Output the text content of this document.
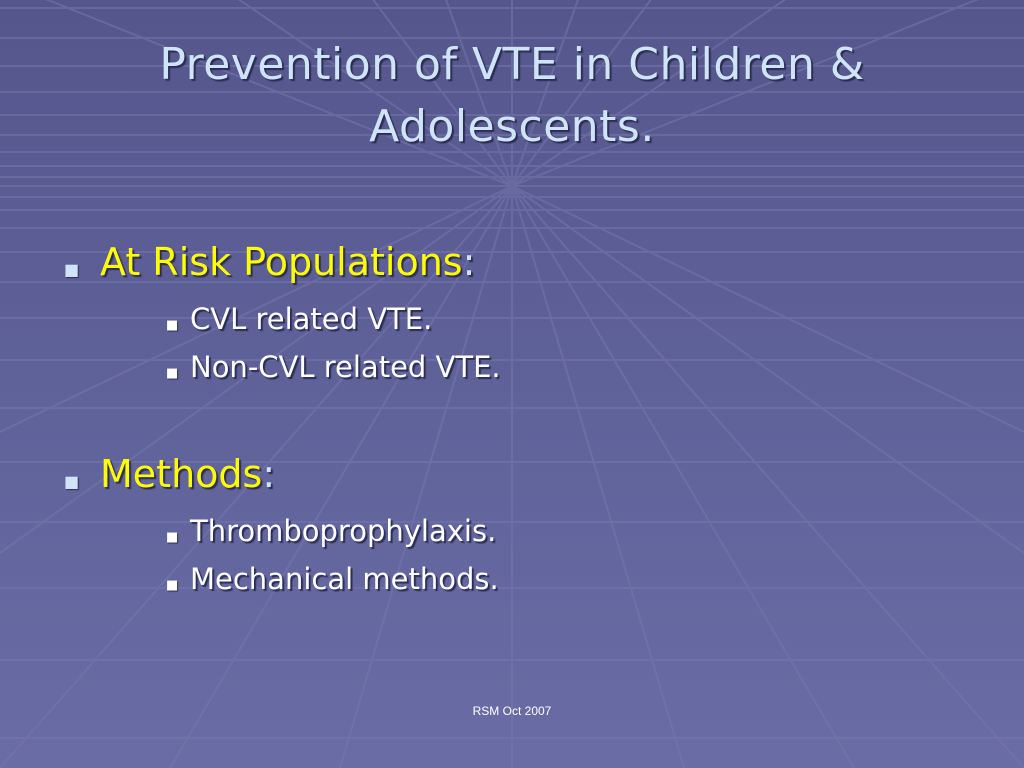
Prevention of VTE in Children & Adolescents.
■ At Risk Populations :
■ CVL related VTE.
■ Non-CVL related VTE.
■ Methods :
■ Thromboprophylaxis.
■ Mechanical methods.
RSM Oct 2007
